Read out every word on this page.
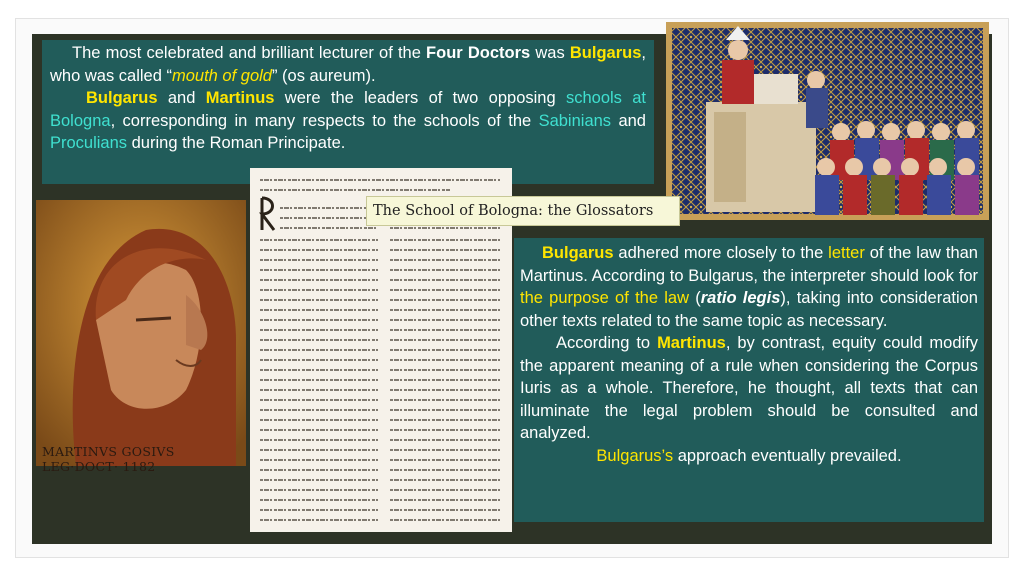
The most celebrated and brilliant lecturer of the Four Doctors was Bulgarus, who was called “mouth of gold” (os aureum).
Bulgarus and Martinus were the leaders of two opposing schools at Bologna, corresponding in many respects to the schools of the Sabinians and Proculians during the Roman Principate.
MARTINVS GOSIVS LEG·DOCT· 1182
The School of Bologna: the Glossators
Bulgarus adhered more closely to the letter of the law than Martinus. According to Bulgarus, the interpreter should look for the purpose of the law (ratio legis), taking into consideration other texts related to the same topic as necessary.
According to Martinus, by contrast, equity could modify the apparent meaning of a rule when considering the Corpus Iuris as a whole. Therefore, he thought, all texts that can illuminate the legal problem should be consulted and analyzed.
Bulgarus’s approach eventually prevailed.
